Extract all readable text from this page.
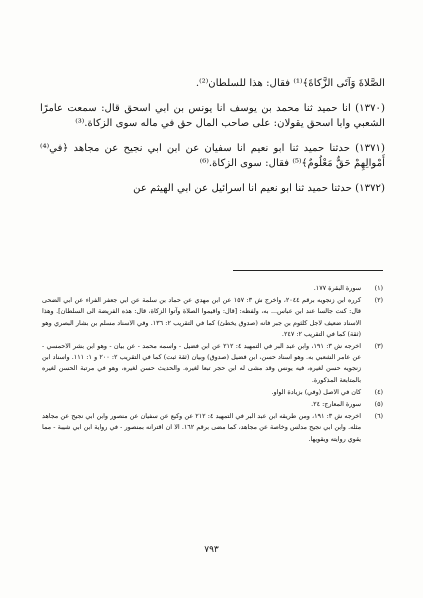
الصَّلاةَ وَآتَى الزَّكاةَ﴾⁽¹⁾ فقال: هذا للسلطان⁽²⁾.

(١٣٧٠) انا حميد ثنا محمد بن يوسف انا يونس بن ابي اسحق قال: سمعت عامرًا الشعبي وابا اسحق يقولان: على صاحب المال حق في ماله سوى الزكاة.⁽³⁾

(١٣٧١) حدثنا حميد ثنا ابو نعيم انا سفيان عن ابن ابي نجيح عن مجاهد ﴿في⁽⁴⁾ أَمْوالِهِمْ حَقٌّ مَعْلُومٌ﴾⁽⁵⁾ فقال: سوى الزكاة.⁽⁶⁾

(١٣٧٢) حدثنا حميد ثنا ابو نعيم انا اسرائيل عن ابي الهيثم عن

(١)
سورة البقرة ١٧٧.
(٢)
كرره ابن زنجويه برقم ٢٠٤٤، واخرج ش ٣: ١٥٧ عن ابن مهدي عن حماد بن سلمة عن ابي جعفر الفراء عن ابي الضحى قال: كنت جالسا عند ابن عباس... به، ولفظه: [قال: واقيموا الصلاة وآتوا الزكاة، قال: هذه الفريضة الى السلطان]. وهذا الاسناد ضعيف لاجل كلثوم بن جبر فانه (صدوق يخطئ) كما في التقريب ٢: ١٣٦. وفي الاسناد مسلم بن بشار البصري وهو (ثقة) كما في التقريب ٢: ٢٤٧.
(٣)
اخرجه ش ٣: ١٩١، وابن عبد البر في التمهيد ٤: ٢١٢ عن ابن فضيل - واسمه محمد - عن بيان - وهو ابن بشر الاحمسي - عن عامر الشعبي به. وهو اسناد حسن، ابن فضيل (صدوق) وبيان (ثقة ثبت) كما في التقريب ٢: ٢٠٠ و ١: ١١١. واسناد ابن زنجويه حسن لغيره، فيه يونس وقد مشى له ابن حجر تبعا لغيره. والحديث حسن لغيره، وهو في مرتبة الحسن لغيره بالمتابعة المذكورة.
(٤)
كان في الاصل (وفي) بزيادة الواو.
(٥)
سورة المعارج: ٢٤.
(٦)
اخرجه ش ٣: ١٩١، ومن طريقه ابن عبد البر في التمهيد ٤: ٢١٢ عن وكيع عن سفيان عن منصور وابن ابي نجيح عن مجاهد مثله. وابن ابي نجيح مدلس وخاصة عن مجاهد، كما مضى برقم ١٦٢. الا ان اقترانه بمنصور - في رواية ابن ابي شيبة - مما يقوي روايته ويقويها.
٧٩٣
